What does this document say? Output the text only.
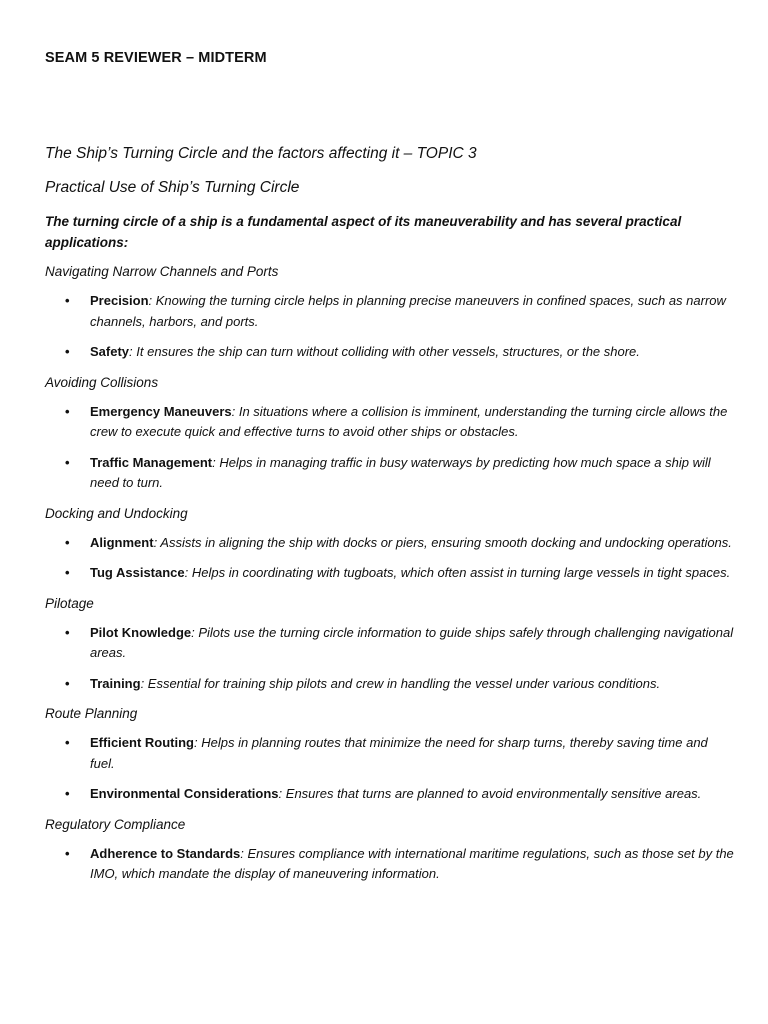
SEAM 5 REVIEWER – MIDTERM
The Ship’s Turning Circle and the factors affecting it – TOPIC 3
Practical Use of Ship’s Turning Circle
The turning circle of a ship is a fundamental aspect of its maneuverability and has several practical applications:
Navigating Narrow Channels and Ports
• Precision: Knowing the turning circle helps in planning precise maneuvers in confined spaces, such as narrow channels, harbors, and ports.
• Safety: It ensures the ship can turn without colliding with other vessels, structures, or the shore.
Avoiding Collisions
• Emergency Maneuvers: In situations where a collision is imminent, understanding the turning circle allows the crew to execute quick and effective turns to avoid other ships or obstacles.
• Traffic Management: Helps in managing traffic in busy waterways by predicting how much space a ship will need to turn.
Docking and Undocking
• Alignment: Assists in aligning the ship with docks or piers, ensuring smooth docking and undocking operations.
• Tug Assistance: Helps in coordinating with tugboats, which often assist in turning large vessels in tight spaces.
Pilotage
• Pilot Knowledge: Pilots use the turning circle information to guide ships safely through challenging navigational areas.
• Training: Essential for training ship pilots and crew in handling the vessel under various conditions.
Route Planning
• Efficient Routing: Helps in planning routes that minimize the need for sharp turns, thereby saving time and fuel.
• Environmental Considerations: Ensures that turns are planned to avoid environmentally sensitive areas.
Regulatory Compliance
• Adherence to Standards: Ensures compliance with international maritime regulations, such as those set by the IMO, which mandate the display of maneuvering information.
